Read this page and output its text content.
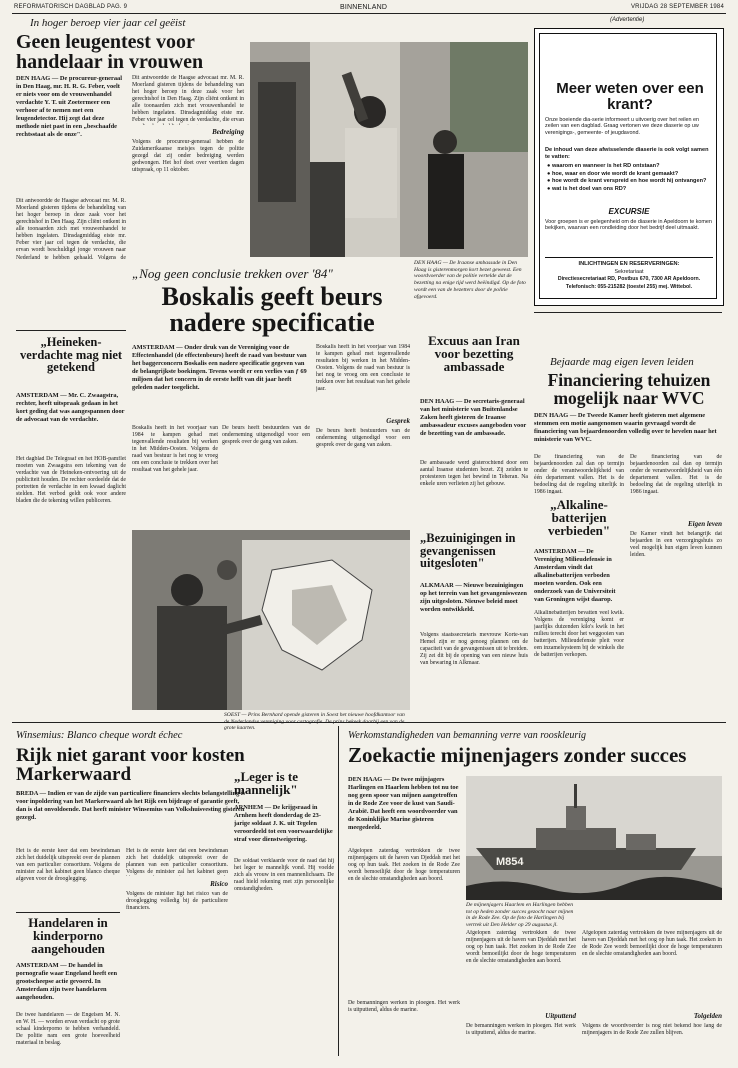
REFORMATORISCH DAGBLAD PAG. 9	BINNENLAND	VRIJDAG 28 SEPTEMBER 1984
In hoger beroep vier jaar cel geëist
Geen leugentest voor handelaar in vrouwen
DEN HAAG — De procureur-generaal in Den Haag, mr. H. R. G. Feber, voelt er niets voor om de vrouwenhandel verdachte Y. T. uit Zoetermeer een verhoor af te nemen met een leugendetector. Hij zegt dat deze methode niet past in een „beschaafde rechtsstaat als de onze".
Dit antwoordde de Haagse advocaat mr. M. R. Moerland gisteren tijdens de behandeling van het hoger beroep in deze zaak voor het gerechtshof in Den Haag. Zijn cliënt ontkent in alle toonaarden zich met vrouwenhandel te hebben ingelaten. Dinsdagmiddag eiste mr. Feber vier jaar cel tegen de verdachte, die ervan wordt beschuldigd jonge vrouwen naar Nederland te hebben gehaald. Volgens de
Dit antwoordde de Haagse advocaat mr. M. R. Moerland gisteren tijdens de behandeling van het hoger beroep in deze zaak voor het gerechtshof in Den Haag. Zijn cliënt ontkent in alle toonaarden zich met vrouwenhandel te hebben ingelaten. Dinsdagmiddag eiste mr. Feber vier jaar cel tegen de verdachte, die ervan
Bedreiging
Volgens de procureur-generaal hebben de Zuidamerikaanse meisjes tegen de politie gezegd dat zij onder bedreiging werden gedwongen. Het hof doet over veertien dagen uitspraak, op 11 oktober.
DEN HAAG — De Iraanse ambassade in Den Haag is gisterenmorgen kort bezet geweest. Een woordvoerder van de politie vertelde dat de bezetting na enige tijd werd beëindigd. Op de foto wordt een van de bezetters door de politie afgevoerd.
(Advertentie)
Meer weten over een krant?
Onze boeiende dia-serie informeert u uitvoerig over het reilen en zeilen van een dagblad. Graag vertonen we deze diaserie op uw verenigings-, gemeente- of jeugdavond.
De inhoud van deze afwisselende diaserie is ook volgt samen te vatten:
● waarom en wanneer is het RD ontstaan?
● hoe, waar en door wie wordt de krant gemaakt?
● hoe wordt de krant verspreid en hoe wordt hij ontvangen?
● wat is het doel van ons RD?
EXCURSIE
Voor groepen is er gelegenheid om de diaserie in Apeldoorn te komen bekijken, waarvan een rondleiding door het bedrijf deel uitmaakt.
INLICHTINGEN EN RESERVERINGEN:
Sekretariaat
Directiesecretariaat RD, Postbus 670, 7300 AR Apeldoorn.
Telefonisch: 055-215282 (toestel 255) mej. Wittebol.
„Nog geen conclusie trekken over '84"
Boskalis geeft beurs nadere specificatie
AMSTERDAM — Onder druk van de Vereniging voor de Effectenhandel (de effectenbeurs) heeft de raad van bestuur van het baggerconcern Boskalis een nadere specificatie gegeven van de belangrijkste boekingen. Tevens wordt er een verlies van ƒ 69 miljoen dat het concern in de eerste helft van dit jaar heeft geleden nader toegelicht.
Boskalis heeft in het voorjaar van 1984 te kampen gehad met tegenvallende resultaten bij werken in het Midden-Oosten. Volgens de raad van bestuur is het nog te vroeg om een conclusie te trekken over het resultaat van het gehele jaar.
De beurs heeft bestuurders van de onderneming uitgenodigd voor een gesprek over de gang van zaken.
Boskalis heeft in het voorjaar van 1984 te kampen gehad met tegenvallende resultaten bij werken in het Midden-Oosten. Volgens de raad van bestuur is het nog te vroeg om een conclusie te trekken over het resultaat van het gehele jaar.
Gesprek
De beurs heeft bestuurders van de onderneming uitgenodigd voor een gesprek over de gang van zaken.
„Heineken-verdachte mag niet getekend
AMSTERDAM — Mr. C. Zwaagstra, rechter, heeft uitspraak gedaan in het kort geding dat was aangespannen door de advocaat van de verdachte.
Het dagblad De Telegraaf en het HOB-pamflet moeten van Zwaagstra een tekening van de verdachte van de Heineken-ontvoering uit de publiciteit houden. De rechter oordeelde dat de portretten de verdachte in een kwaad daglicht stelden. Het verbod geldt ook voor andere bladen die de tekening willen publiceren.
Excuus aan Iran voor bezetting ambassade
DEN HAAG — De secretaris-generaal van het ministerie van Buitenlandse Zaken heeft gisteren de Iraanse ambassadeur excuses aangeboden voor de bezetting van de ambassade.
De ambassade werd gisterochtend door een aantal Iraanse studenten bezet. Zij zeiden te protesteren tegen het bewind in Teheran. Na enkele uren verlieten zij het gebouw.
SOEST — Prins Bernhard opende gisteren in Soest het nieuwe hoofdkantoor van grote kaarten.
„Bezuinigingen in gevangenissen uitgesloten"
ALKMAAR — Nieuwe bezuinigingen op het terrein van het gevangeniswezen zijn uitgesloten. Nieuwe beleid moet worden ontwikkeld.
Volgens staatssecretaris mevrouw Korte-van Hemel zijn er nog genoeg plannen om de capaciteit van de gevangenissen uit te breiden. Zij zei dit bij de opening van een nieuw huis van bewaring in Alkmaar.
Bejaarde mag eigen leven leiden
Financiering tehuizen mogelijk naar WVC
DEN HAAG — De Tweede Kamer heeft gisteren met algemene stemmen een motie aangenomen waarin gevraagd wordt de financiering van bejaardenoorden volledig over te hevelen naar het ministerie van WVC.
De financiering van de bejaardenoorden zal dan op termijn onder de verantwoordelijkheid van één departement vallen. Het is de bedoeling dat de regeling uiterlijk in 1986 ingaat.
De financiering van de bejaardenoorden zal dan op termijn onder de verantwoordelijkheid van één departement vallen. Het is de bedoeling dat de regeling uiterlijk in 1986 ingaat.
Eigen leven
De Kamer vindt het belangrijk dat bejaarden in een verzorgingshuis zo veel mogelijk hun eigen leven kunnen leiden.
„Alkaline-batterijen verbieden"
AMSTERDAM — De Vereniging Milieudefensie in Amsterdam vindt dat alkalinebatterijen verboden moeten worden. Ook een onderzoek van de Universiteit van Groningen wijst daarop.
Alkalinebatterijen bevatten veel kwik. Volgens de vereniging komt er jaarlijks duizenden kilo's kwik in het milieu terecht door het weggooien van batterijen. Milieudefensie pleit voor een inzamelsysteem bij de winkels die de batterijen verkopen.
Winsemius: Blanco cheque wordt échec
Rijk niet garant voor kosten Markerwaard
BREDA — Indien er van de zijde van particuliere financiers slechts belangstelling is voor inpoldering van het Markerwaard als het Rijk een bijdrage of garantie geeft, dan is dat onvoldoende. Dat heeft minister Winsemius van Volkshuisvesting gisteren gezegd.
Het is de eerste keer dat een bewindsman zich het duidelijk uitspreekt over de plannen van een particulier consortium. Volgens de minister zal het kabinet geen blanco cheque afgeven voor de drooglegging.
Het is de eerste keer dat een bewindsman zich het duidelijk uitspreekt over de plannen van een particulier consortium. Volgens de minister zal het kabinet geen
Risico
Volgens de minister ligt het risico van de drooglegging volledig bij de particuliere financiers.
Handelaren in kinderporno aangehouden
AMSTERDAM — De handel in pornografie waar Engeland heeft een grootscheepse actie gevoerd. In Amsterdam zijn twee handelaren aangehouden.
De twee handelaren — de Engelsen M. N. en W. H. — worden ervan verdacht op grote schaal kinderporno te hebben verhandeld. De politie nam een grote hoeveelheid materiaal in beslag.
„Leger is te mannelijk"
ARNHEM — De krijgsraad in Arnhem heeft donderdag de 23-jarige soldaat J. K. uit Tegelen veroordeeld tot een voorwaardelijke straf voor dienstweigering.
De soldaat verklaarde voor de raad dat hij het leger te mannelijk vond. Hij voelde zich als vrouw in een mannenlichaam. De raad hield rekening met zijn persoonlijke omstandigheden.
Werkomstandigheden van bemanning verre van rooskleurig
Zoekactie mijnenjagers zonder succes
DEN HAAG — De twee mijnjagers Harlingen en Haarlem hebben tot nu toe nog geen spoor van mijnen aangetroffen in de Rode Zee voor de kust van Saudi-Arabië. Dat heeft een woordvoerder van de Koninklijke Marine gisteren meegedeeld.
Afgelopen zaterdag vertrokken de twee mijnenjagers uit de haven van Djeddah met het oog op hun taak. Het zoeken in de Rode Zee wordt bemoeilijkt door de hoge temperaturen en de slechte omstandigheden aan boord.
De bemanningen werken in ploegen. Het werk is uitputtend, aldus de marine.
Afgelopen zaterdag vertrokken de twee mijnenjagers uit de haven van Djeddah met het oog op hun taak. Het zoeken in de Rode Zee wordt bemoeilijkt door de hoge temperaturen en de slechte omstandigheden aan boord.
Uitputtend
De bemanningen werken in ploegen. Het werk is uitputtend, aldus de marine.
Tolgelden
Afgelopen zaterdag vertrokken de twee mijnenjagers uit de haven van Djeddah met het oog op hun taak. Het zoeken in de Rode Zee wordt bemoeilijkt door de hoge temperaturen en de slechte omstandigheden aan boord.
Volgens de woordvoerder is nog niet bekend hoe lang de mijnenjagers in de Rode Zee zullen blijven.
M854
De mijnenjagers Haarlem en Harlingen hebben tot op heden zonder succes gezocht naar mijnen in de Rode Zee. Op de foto de Harlingen bij vertrek uit Den Helder op 29 augustus jl.
